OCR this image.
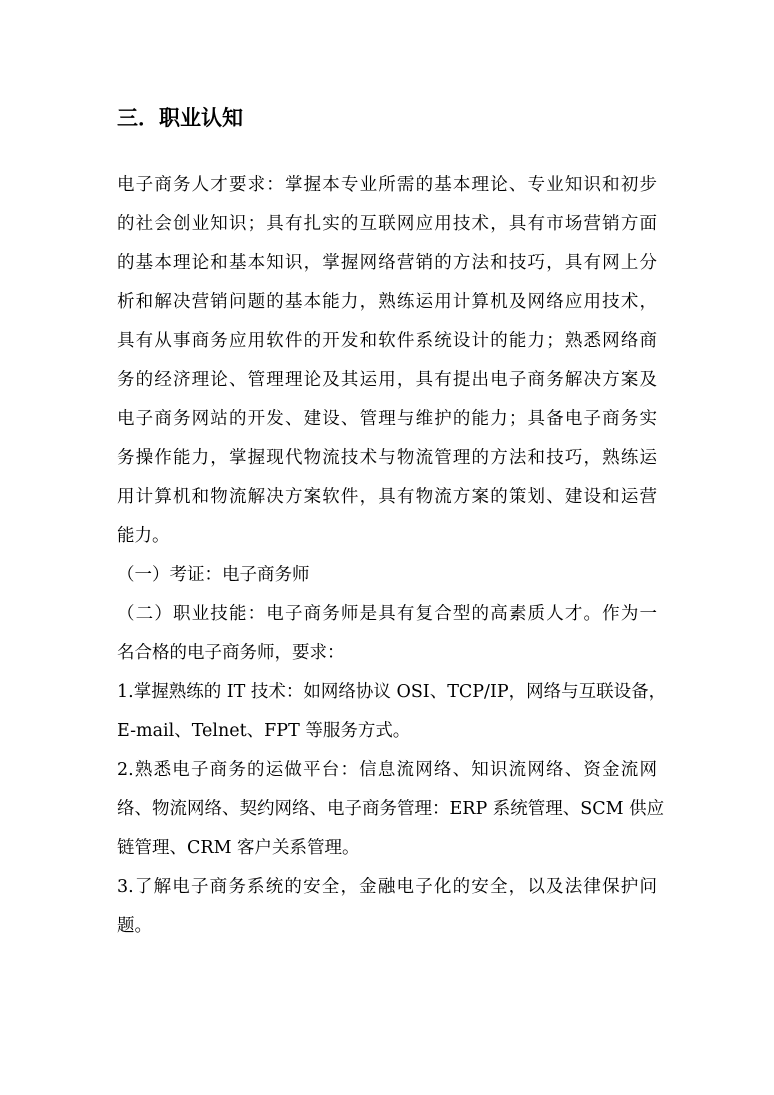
三．职业认知
电子商务人才要求：掌握本专业所需的基本理论、专业知识和初步
的社会创业知识；具有扎实的互联网应用技术，具有市场营销方面
的基本理论和基本知识，掌握网络营销的方法和技巧，具有网上分
析和解决营销问题的基本能力，熟练运用计算机及网络应用技术，
具有从事商务应用软件的开发和软件系统设计的能力；熟悉网络商
务的经济理论、管理理论及其运用，具有提出电子商务解决方案及
电子商务网站的开发、建设、管理与维护的能力；具备电子商务实
务操作能力，掌握现代物流技术与物流管理的方法和技巧，熟练运
用计算机和物流解决方案软件，具有物流方案的策划、建设和运营
能力。
（一）考证：电子商务师
（二）职业技能：电子商务师是具有复合型的高素质人才。作为一
名合格的电子商务师，要求：
1.掌握熟练的 IT 技术：如网络协议 OSI、TCP/IP，网络与互联设备，
E-mail、Telnet、FPT 等服务方式。
2.熟悉电子商务的运做平台：信息流网络、知识流网络、资金流网
络、物流网络、契约网络、电子商务管理：ERP 系统管理、SCM 供应
链管理、CRM 客户关系管理。
3.了解电子商务系统的安全，金融电子化的安全，以及法律保护问
题。
